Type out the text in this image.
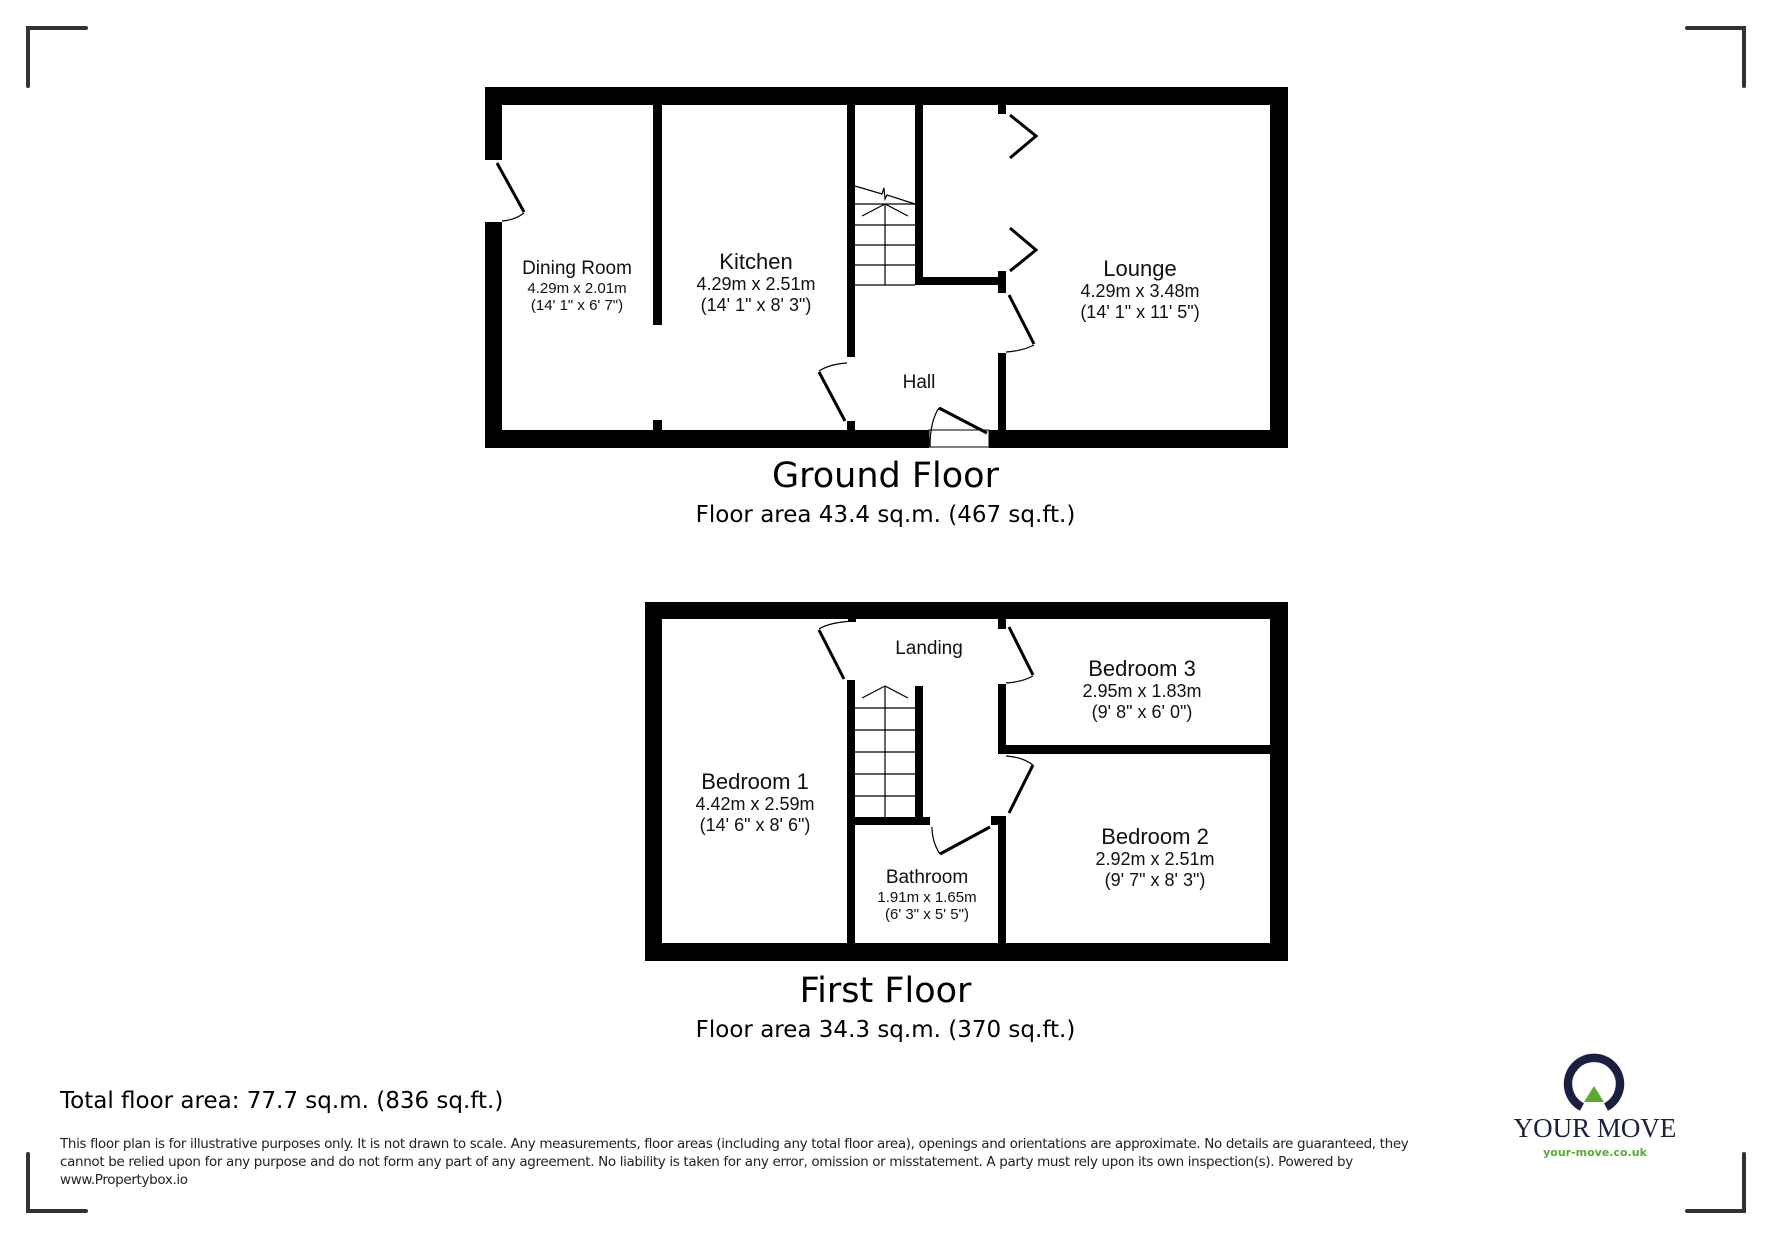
Dining Room
4.29m x 2.01m
(14' 1" x 6' 7")
Kitchen
4.29m x 2.51m
(14' 1" x 8' 3")
Lounge
4.29m x 3.48m
(14' 1" x 11' 5")
Hall
Ground Floor
Floor area 43.4 sq.m. (467 sq.ft.)
Landing
Bedroom 3
2.95m x 1.83m
(9' 8" x 6' 0")
Bedroom 1
4.42m x 2.59m
(14' 6" x 8' 6")	Bedroom 2
2.92m x 2.51m
(9' 7" x 8' 3")
Bathroom
1.91m x 1.65m
(6' 3" x 5' 5")
First Floor
Floor area 34.3 sq.m. (370 sq.ft.)
Total floor area: 77.7 sq.m. (836 sq.ft.)
This floor plan is for illustrative purposes only. It is not drawn to scale. Any measurements, floor areas (including any total floor area), openings and orientations are approximate. No details are guaranteed, they cannot be relied upon for any purpose and do not form any part of any agreement. No liability is taken for any error, omission or misstatement. A party must rely upon its own inspection(s). Powered by www.Propertybox.io
YOUR MOVE
your-move.co.uk
